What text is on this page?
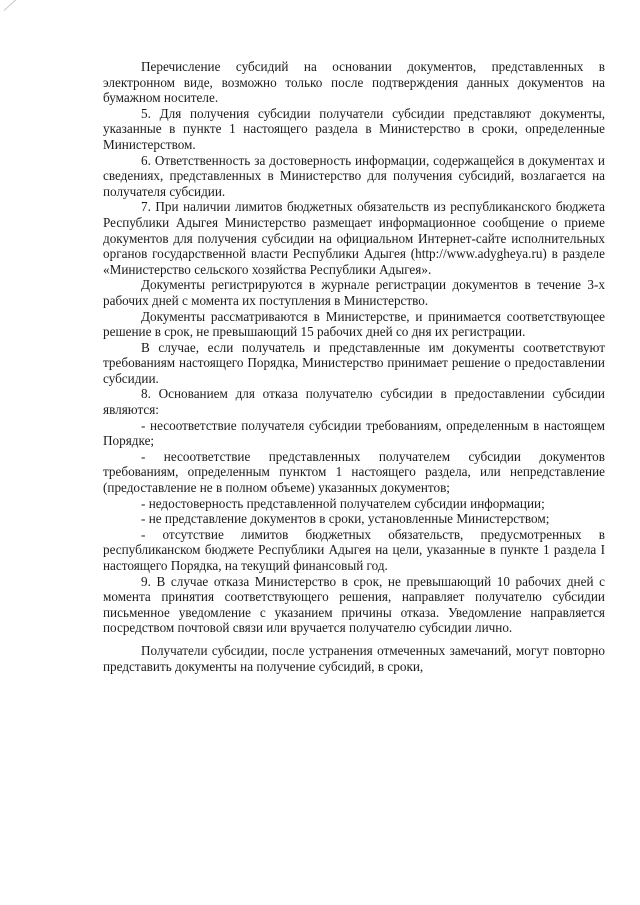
Перечисление субсидий на основании документов, представленных в электронном виде, возможно только после подтверждения данных документов на бумажном носителе.

5. Для получения субсидии получатели субсидии представляют документы, указанные в пункте 1 настоящего раздела в Министерство в сроки, определенные Министерством.

6. Ответственность за достоверность информации, содержащейся в документах и сведениях, представленных в Министерство для получения субсидий, возлагается на получателя субсидии.

7. При наличии лимитов бюджетных обязательств из республиканского бюджета Республики Адыгея Министерство размещает информационное сообщение о приеме документов для получения субсидии на официальном Интернет-сайте исполнительных органов государственной власти Республики Адыгея (http://www.adygheya.ru) в разделе «Министерство сельского хозяйства Республики Адыгея».

Документы регистрируются в журнале регистрации документов в течение 3-х рабочих дней с момента их поступления в Министерство.

Документы рассматриваются в Министерстве, и принимается соответствующее решение в срок, не превышающий 15 рабочих дней со дня их регистрации.

В случае, если получатель и представленные им документы соответствуют требованиям настоящего Порядка, Министерство принимает решение о предоставлении субсидии.

8. Основанием для отказа получателю субсидии в предоставлении субсидии являются:

- несоответствие получателя субсидии требованиям, определенным в настоящем Порядке;

- несоответствие представленных получателем субсидии документов требованиям, определенным пунктом 1 настоящего раздела, или непредставление (предоставление не в полном объеме) указанных документов;

- недостоверность представленной получателем субсидии информации;

- не представление документов в сроки, установленные Министерством;

- отсутствие лимитов бюджетных обязательств, предусмотренных в республиканском бюджете Республики Адыгея на цели, указанные в пункте 1 раздела I настоящего Порядка, на текущий финансовый год.

9. В случае отказа Министерство в срок, не превышающий 10 рабочих дней с момента принятия соответствующего решения, направляет получателю субсидии письменное уведомление с указанием причины отказа. Уведомление направляется посредством почтовой связи или вручается получателю субсидии лично.

Получатели субсидии, после устранения отмеченных замечаний, могут повторно представить документы на получение субсидий, в сроки,
